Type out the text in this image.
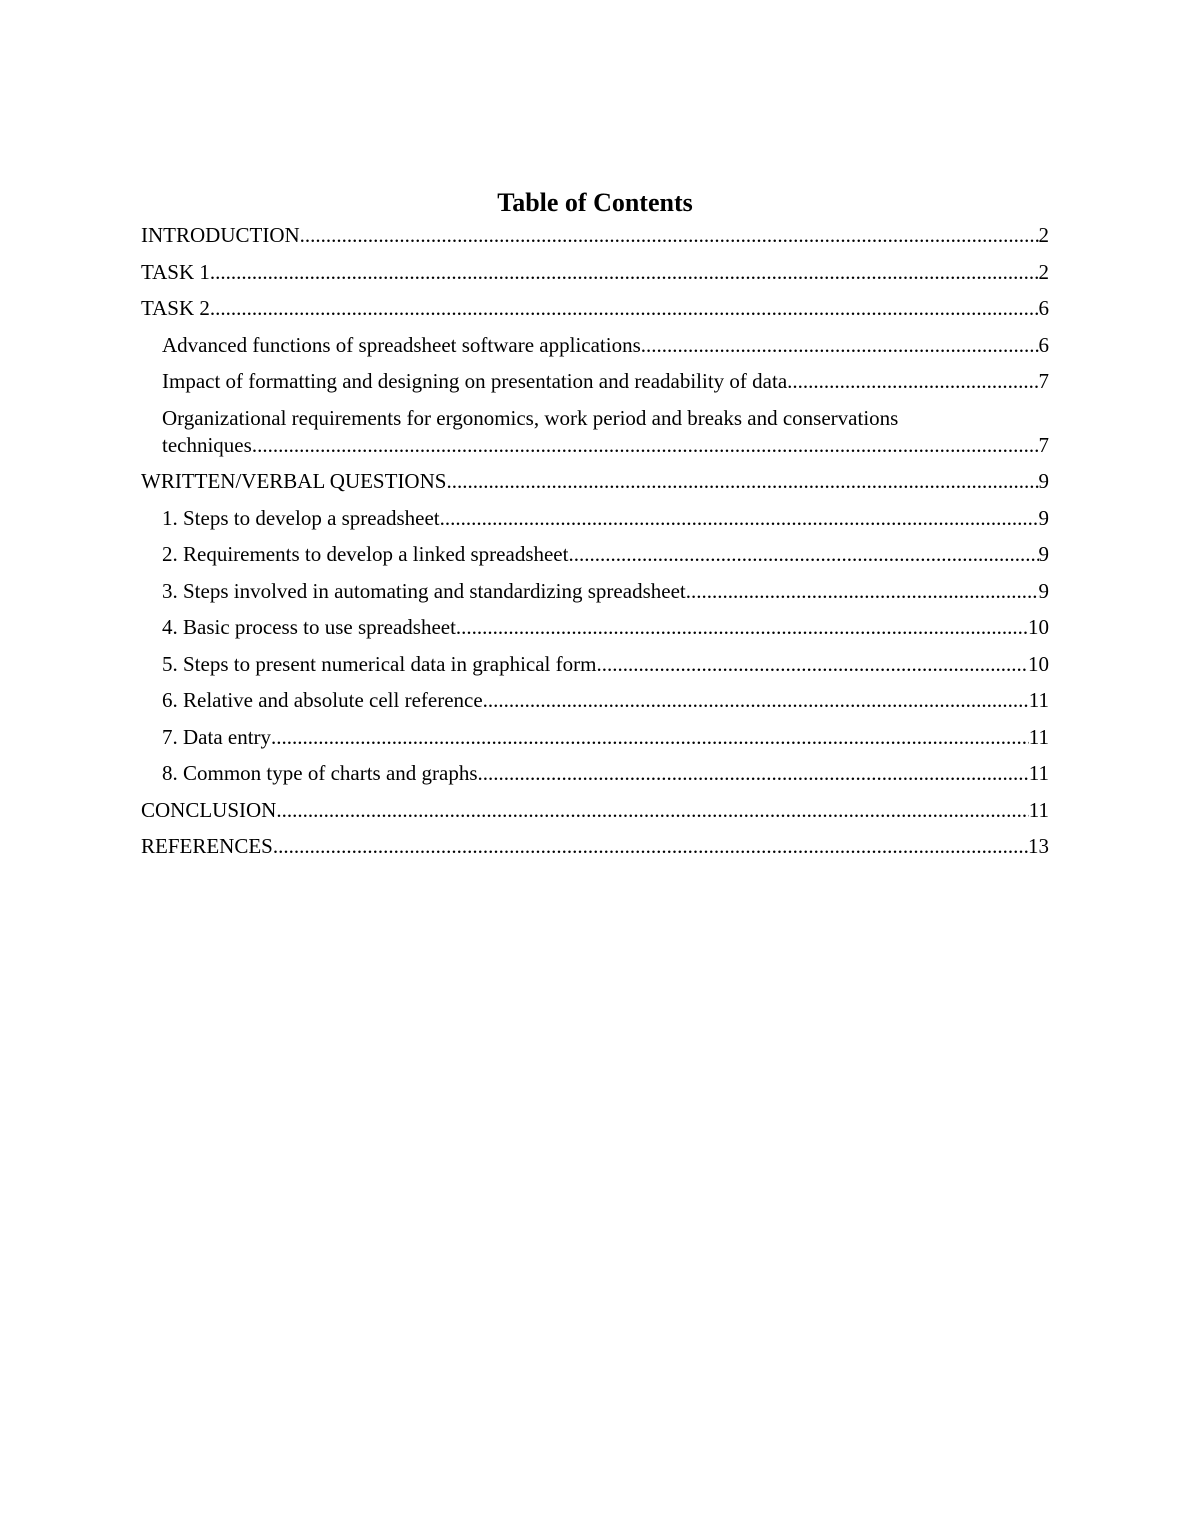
Table of Contents
INTRODUCTION .....	2
TASK 1 .....	2
TASK 2 .....	6
Advanced functions of spreadsheet software applications .....	6
Impact of formatting and designing on presentation and readability of data .....	7
Organizational requirements for ergonomics, work period and breaks and conservations
techniques .....	7
WRITTEN/VERBAL QUESTIONS .....	9
1. Steps to develop a spreadsheet .....	9
2. Requirements to develop a linked spreadsheet .....	9
3. Steps involved in automating and standardizing spreadsheet .....	9
4. Basic process to use spreadsheet .....	10
5. Steps to present numerical data in graphical form .....	10
6. Relative and absolute cell reference .....	11
7. Data entry .....	11
8. Common type of charts and graphs .....	11
CONCLUSION .....	11
REFERENCES .....	13
